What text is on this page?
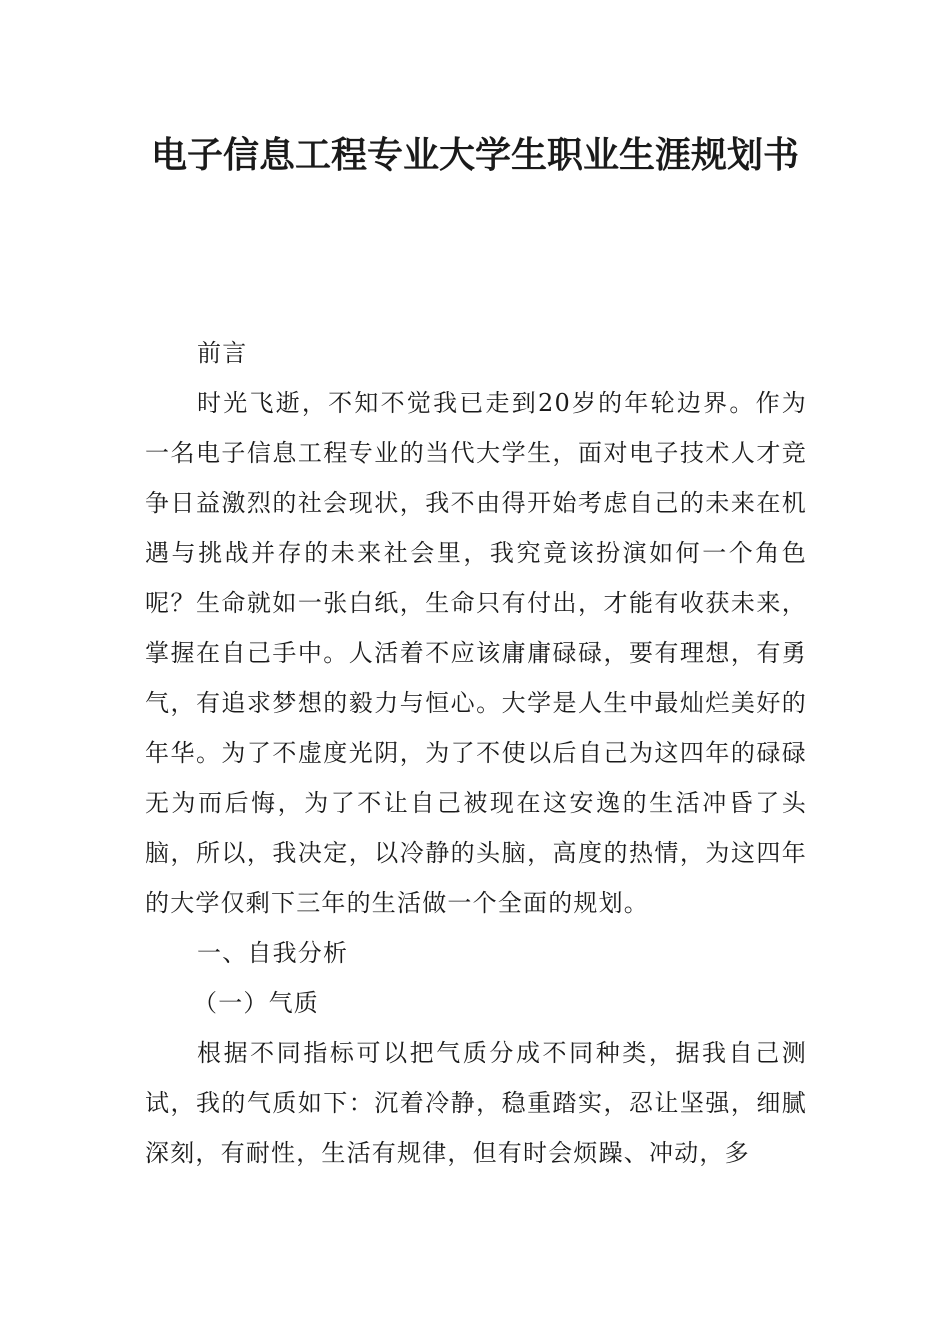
电子信息工程专业大学生职业生涯规划书

前言

时光飞逝，不知不觉我已走到20岁的年轮边界。作为一名电子信息工程专业的当代大学生，面对电子技术人才竞争日益激烈的社会现状，我不由得开始考虑自己的未来在机遇与挑战并存的未来社会里，我究竟该扮演如何一个角色呢？生命就如一张白纸，生命只有付出，才能有收获未来，掌握在自己手中。人活着不应该庸庸碌碌，要有理想，有勇气，有追求梦想的毅力与恒心。大学是人生中最灿烂美好的年华。为了不虚度光阴，为了不使以后自己为这四年的碌碌无为而后悔，为了不让自己被现在这安逸的生活冲昏了头脑，所以，我决定，以冷静的头脑，高度的热情，为这四年的大学仅剩下三年的生活做一个全面的规划。

一、自我分析

（一）气质

根据不同指标可以把气质分成不同种类，据我自己测试，我的气质如下：沉着冷静，稳重踏实，忍让坚强，细腻深刻，有耐性，生活有规律，但有时会烦躁、冲动，多
